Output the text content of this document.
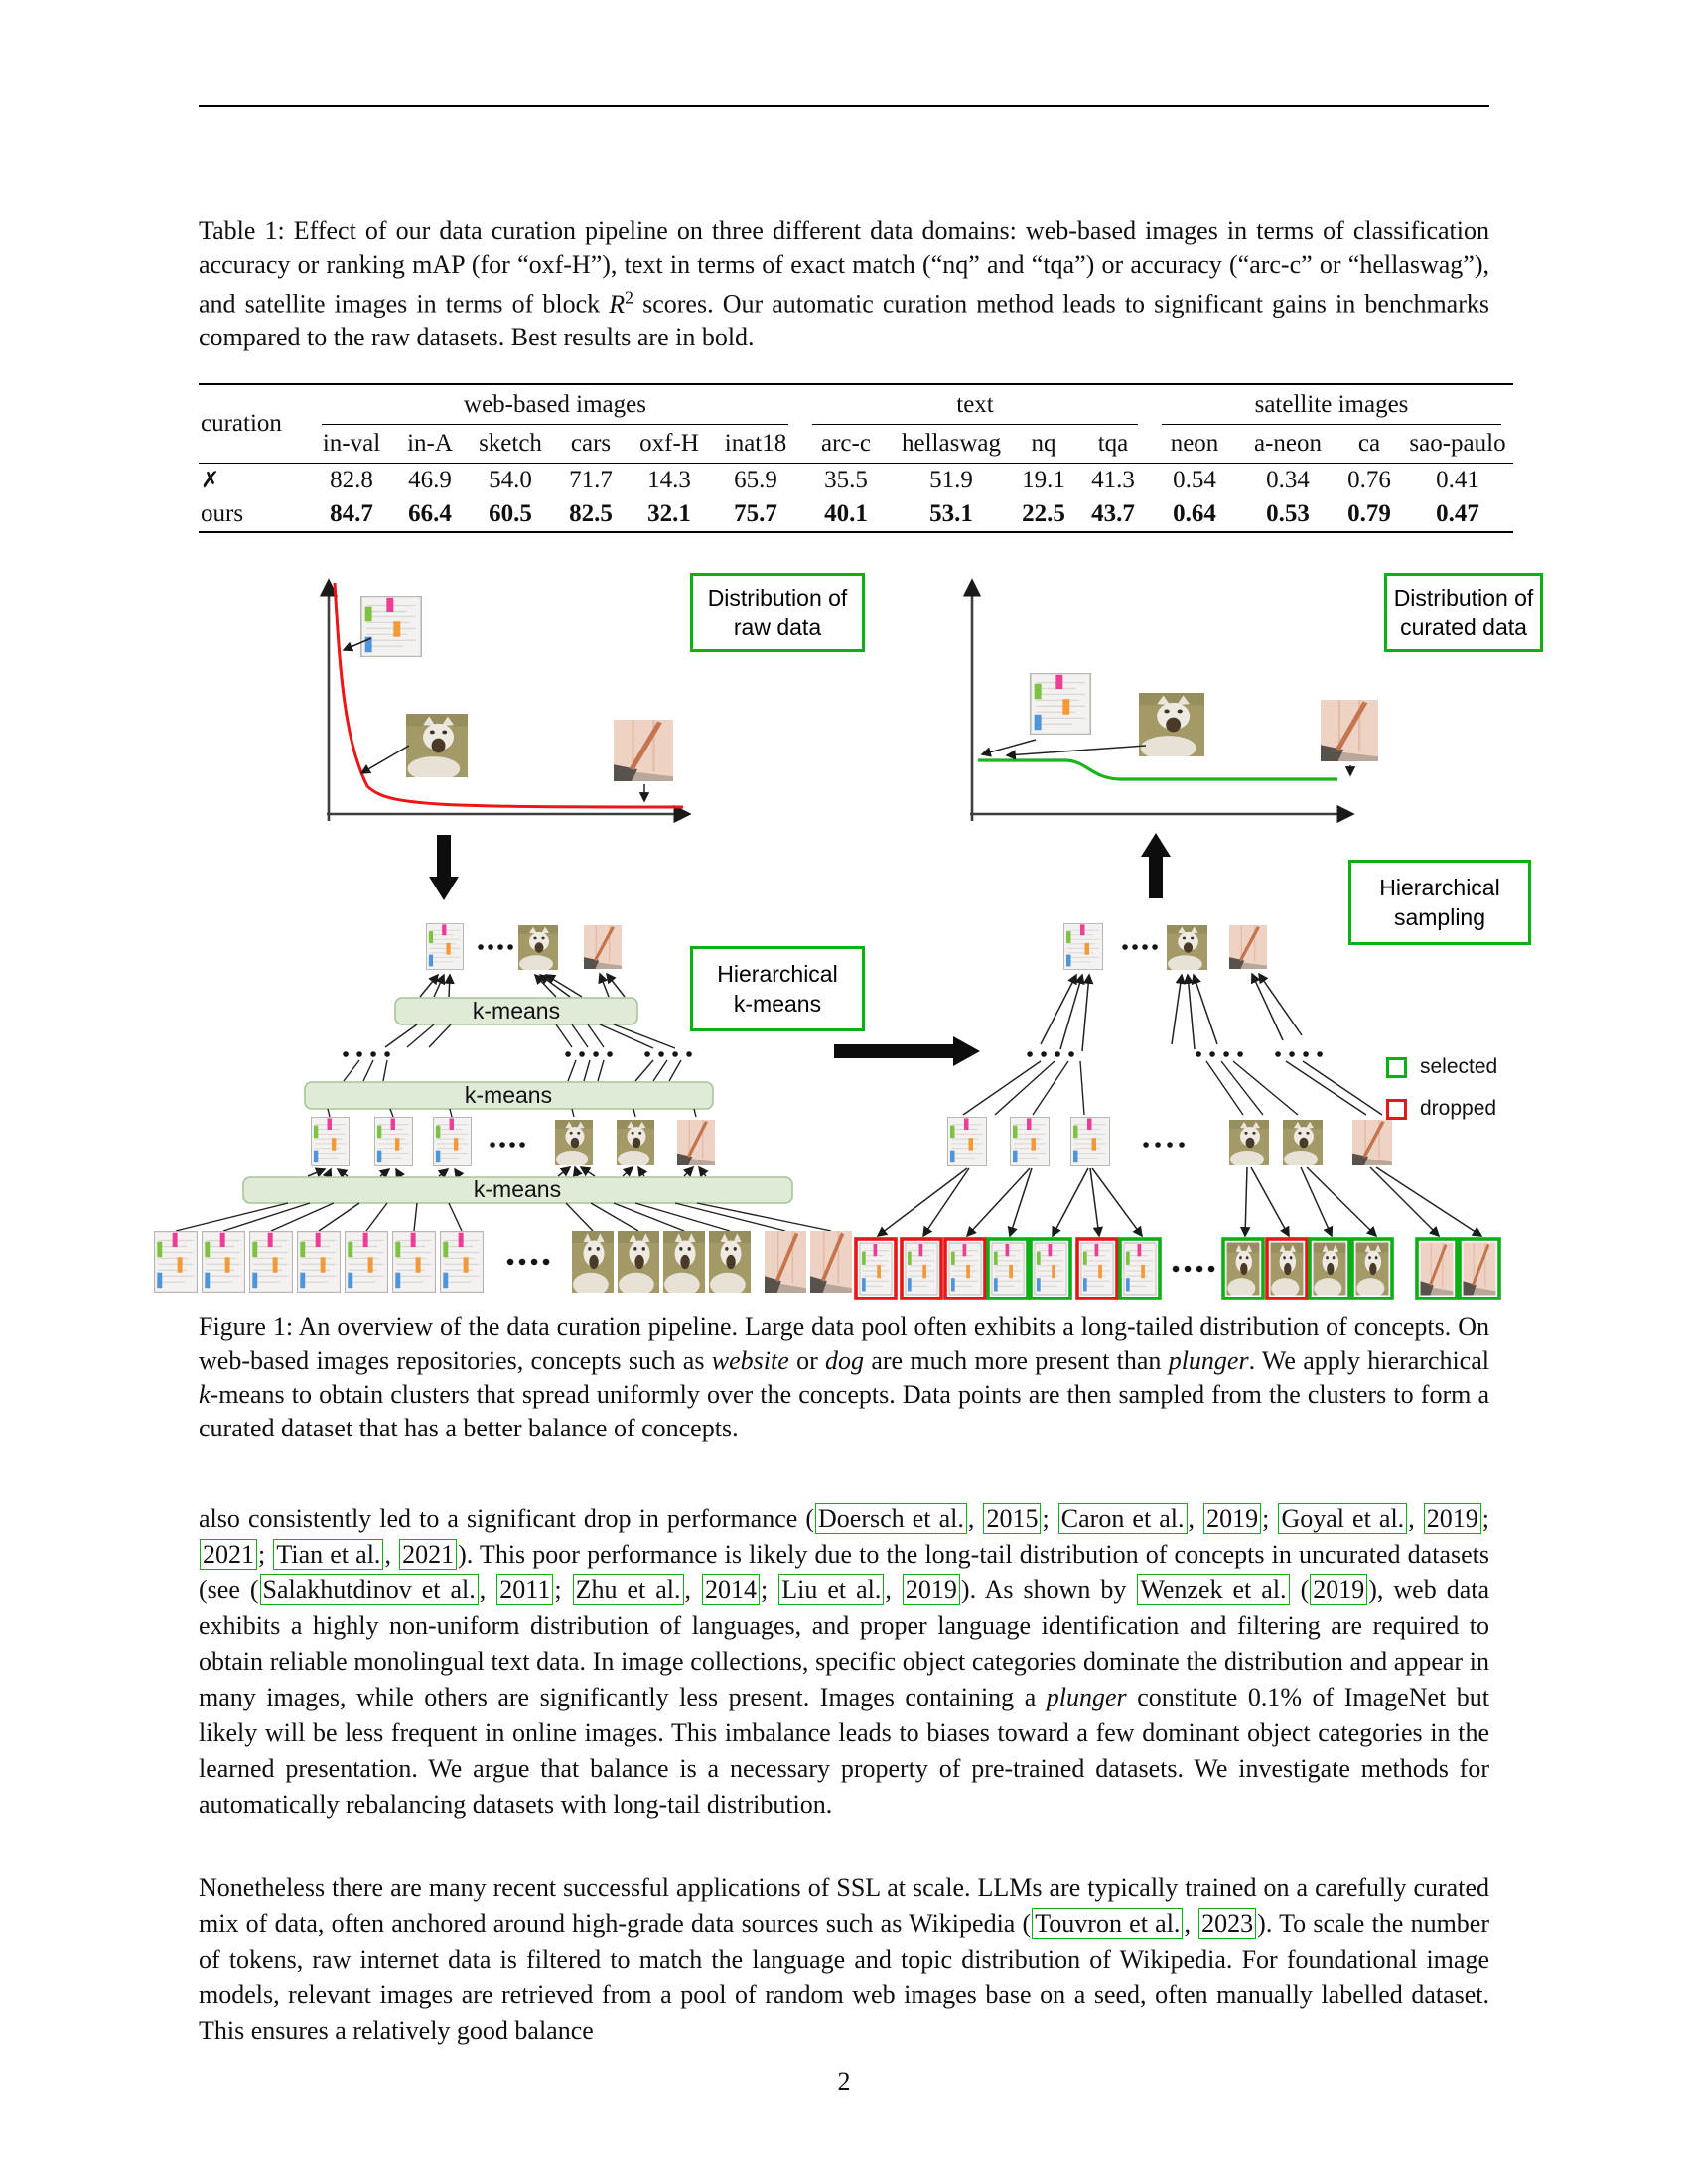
Table 1: Effect of our data curation pipeline on three different data domains: web-based images in terms of classification accuracy or ranking mAP (for “oxf-H”), text in terms of exact match (“nq” and “tqa”) or accuracy (“arc-c” or “hellaswag”), and satellite images in terms of block $R^2$ scores. Our automatic curation method leads to significant gains in benchmarks compared to the raw datasets. Best results are in bold.
curation	web-based images						text				satellite images			
	in-val	in-A	sketch	cars	oxf-H	inat18	arc-c	hellaswag	nq	tqa	neon	a-neon	ca	sao-paulo
✗	82.8	46.9	54.0	71.7	14.3	65.9	35.5	51.9	19.1	41.3	0.54	0.34	0.76	0.41
ours	84.7	66.4	60.5	82.5	32.1	75.7	40.1	53.1	22.5	43.7	0.64	0.53	0.79	0.47
k-means
k-means
k-means
Distribution of
raw data
Distribution of
curated data
Hierarchical
k-means
Hierarchical
sampling
selected
dropped
Figure 1: An overview of the data curation pipeline. Large data pool often exhibits a long-tailed distribution of concepts. On web-based images repositories, concepts such as website or dog are much more present than plunger. We apply hierarchical k-means to obtain clusters that spread uniformly over the concepts. Data points are then sampled from the clusters to form a curated dataset that has a better balance of concepts.
also consistently led to a significant drop in performance ( Doersch et al. , 2015 ; Caron et al. , 2019 ; Goyal et al. , 2019 ; 2021 ; Tian et al. , 2021 ). This poor performance is likely due to the long-tail distribution of concepts in uncurated datasets (see ( Salakhutdinov et al. , 2011 ; Zhu et al. , 2014 ; Liu et al. , 2019 ). As shown by Wenzek et al. ( 2019 ), web data exhibits a highly non-uniform distribution of languages, and proper language identification and filtering are required to obtain reliable monolingual text data. In image collections, specific object categories dominate the distribution and appear in many images, while others are significantly less present. Images containing a plunger constitute 0.1% of ImageNet but likely will be less frequent in online images. This imbalance leads to biases toward a few dominant object categories in the learned presentation. We argue that balance is a necessary property of pre-trained datasets. We investigate methods for automatically rebalancing datasets with long-tail distribution.
Nonetheless there are many recent successful applications of SSL at scale. LLMs are typically trained on a carefully curated mix of data, often anchored around high-grade data sources such as Wikipedia ( Touvron et al. , 2023 ). To scale the number of tokens, raw internet data is filtered to match the language and topic distribution of Wikipedia. For foundational image models, relevant images are retrieved from a pool of random web images base on a seed, often manually labelled dataset. This ensures a relatively good balance
2
